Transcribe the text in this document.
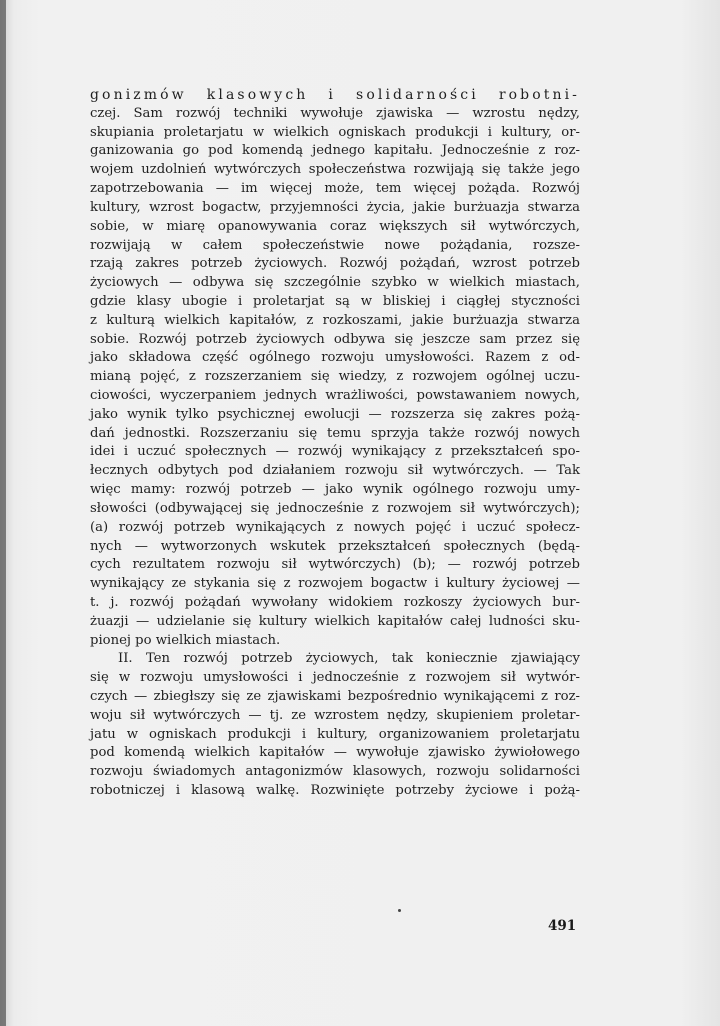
gonizmów klasowych i solidarności robotni-
czej. Sam rozwój techniki wywołuje zjawiska — wzrostu nędzy,
skupiania proletarjatu w wielkich ogniskach produkcji i kultury, or-
ganizowania go pod komendą jednego kapitału. Jednocześnie z roz-
wojem uzdolnień wytwórczych społeczeństwa rozwijają się także jego
zapotrzebowania — im więcej może, tem więcej pożąda. Rozwój
kultury, wzrost bogactw, przyjemności życia, jakie burżuazja stwarza
sobie, w miarę opanowywania coraz większych sił wytwórczych,
rozwijają w całem społeczeństwie nowe pożądania, rozsze-
rzają zakres potrzeb życiowych. Rozwój pożądań, wzrost potrzeb
życiowych — odbywa się szczególnie szybko w wielkich miastach,
gdzie klasy ubogie i proletarjat są w bliskiej i ciągłej styczności
z kulturą wielkich kapitałów, z rozkoszami, jakie burżuazja stwarza
sobie. Rozwój potrzeb życiowych odbywa się jeszcze sam przez się
jako składowa część ogólnego rozwoju umysłowości. Razem z od-
mianą pojęć, z rozszerzaniem się wiedzy, z rozwojem ogólnej uczu-
ciowości, wyczerpaniem jednych wrażliwości, powstawaniem nowych,
jako wynik tylko psychicznej ewolucji — rozszerza się zakres pożą-
dań jednostki. Rozszerzaniu się temu sprzyja także rozwój nowych
idei i uczuć społecznych — rozwój wynikający z przekształceń spo-
łecznych odbytych pod działaniem rozwoju sił wytwórczych. — Tak
więc mamy: rozwój potrzeb — jako wynik ogólnego rozwoju umy-
słowości (odbywającej się jednocześnie z rozwojem sił wytwórczych);
(a) rozwój potrzeb wynikających z nowych pojęć i uczuć społecz-
nych — wytworzonych wskutek przekształceń społecznych (będą-
cych rezultatem rozwoju sił wytwórczych) (b); — rozwój potrzeb
wynikający ze stykania się z rozwojem bogactw i kultury życiowej —
t. j. rozwój pożądań wywołany widokiem rozkoszy życiowych bur-
żuazji — udzielanie się kultury wielkich kapitałów całej ludności sku-
pionej po wielkich miastach.
II. Ten rozwój potrzeb życiowych, tak koniecznie zjawiający
się w rozwoju umysłowości i jednocześnie z rozwojem sił wytwór-
czych — zbiegłszy się ze zjawiskami bezpośrednio wynikającemi z roz-
woju sił wytwórczych — tj. ze wzrostem nędzy, skupieniem proletar-
jatu w ogniskach produkcji i kultury, organizowaniem proletarjatu
pod komendą wielkich kapitałów — wywołuje zjawisko żywiołowego
rozwoju świadomych antagonizmów klasowych, rozwoju solidarności
robotniczej i klasową walkę. Rozwinięte potrzeby życiowe i pożą-
491
